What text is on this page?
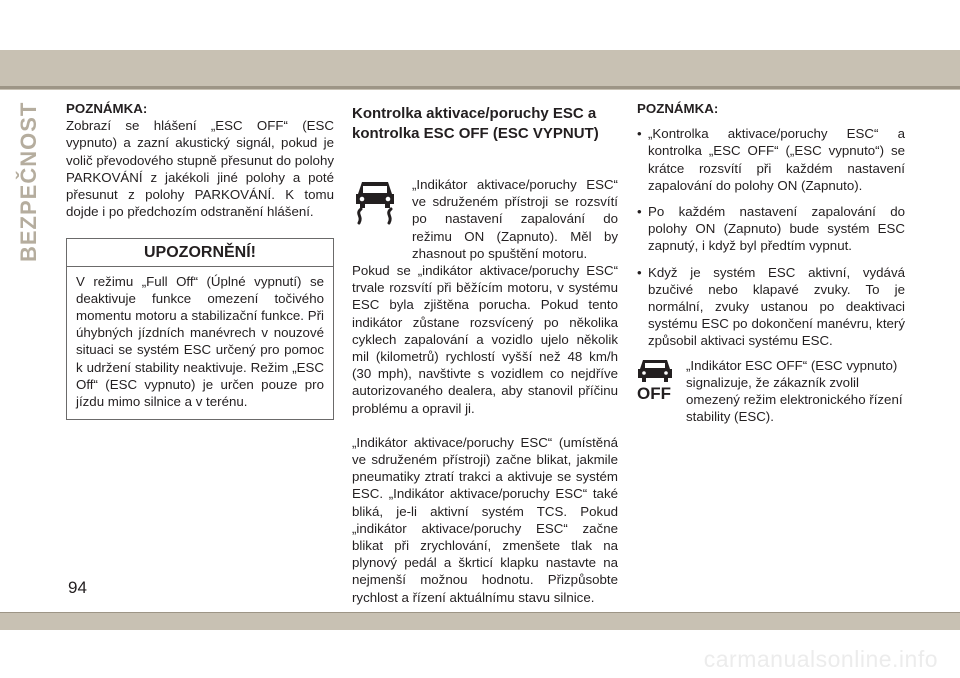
BEZPEČNOST POZNÁMKA:

Zobrazí se hlášení „ESC OFF“ (ESC vypnuto) a zazní akustický signál, pokud je volič převodového stupně přesunut do polohy PARKOVÁNÍ z jakékoli jiné polohy a poté přesunut z polohy PARKOVÁNÍ. K tomu dojde i po předchozím odstranění hlášení.

UPOZORNĚNÍ!

V režimu „Full Off“ (Úplné vypnutí) se deaktivuje funkce omezení točivého momentu motoru a stabilizační funkce. Při úhybných jízdních manévrech v nouzové situaci se systém ESC určený pro pomoc k udržení stability neaktivuje. Režim „ESC Off“ (ESC vypnuto) je určen pouze pro jízdu mimo silnice a v terénu.

Kontrolka aktivace/poruchy ESC a kontrolka ESC OFF (ESC VYPNUT)

„Indikátor aktivace/poruchy ESC“ ve sdruženém přístroji se rozsvítí po nastavení zapalování do režimu ON (Zapnuto). Měl by zhasnout po spuštění motoru.

Pokud se „indikátor aktivace/poruchy ESC“ trvale rozsvítí při běžícím motoru, v systému ESC byla zjištěna porucha. Pokud tento indikátor zůstane rozsvícený po několika cyklech zapalování a vozidlo ujelo několik mil (kilometrů) rychlostí vyšší než 48 km/h (30 mph), navštivte s vozidlem co nejdříve autorizovaného dealera, aby stanovil příčinu problému a opravil ji.

„Indikátor aktivace/poruchy ESC“ (umístěná ve sdruženém přístroji) začne blikat, jakmile pneumatiky ztratí trakci a aktivuje se systém ESC. „Indikátor aktivace/poruchy ESC“ také bliká, je-li aktivní systém TCS. Pokud „indikátor aktivace/poruchy ESC“ začne blikat při zrychlování, zmenšete tlak na plynový pedál a škrticí klapku nastavte na nejmenší možnou hodnotu. Přizpůsobte rychlost a řízení aktuálnímu stavu silnice.

POZNÁMKA:

• „Kontrolka aktivace/poruchy ESC“ a kontrolka „ESC OFF“ („ESC vypnuto“) se krátce rozsvítí při každém nastavení zapalování do polohy ON (Zapnuto).
• Po každém nastavení zapalování do polohy ON (Zapnuto) bude systém ESC zapnutý, i když byl předtím vypnut.
• Když je systém ESC aktivní, vydává bzučivé nebo klapavé zvuky. To je normální, zvuky ustanou po deaktivaci systému ESC po dokončení manévru, který způsobil aktivaci systému ESC.
OFF

„Indikátor ESC OFF“ (ESC vypnuto) signalizuje, že zákazník zvolil omezený režim elektronického řízení stability (ESC).

94
carmanualsonline.info
